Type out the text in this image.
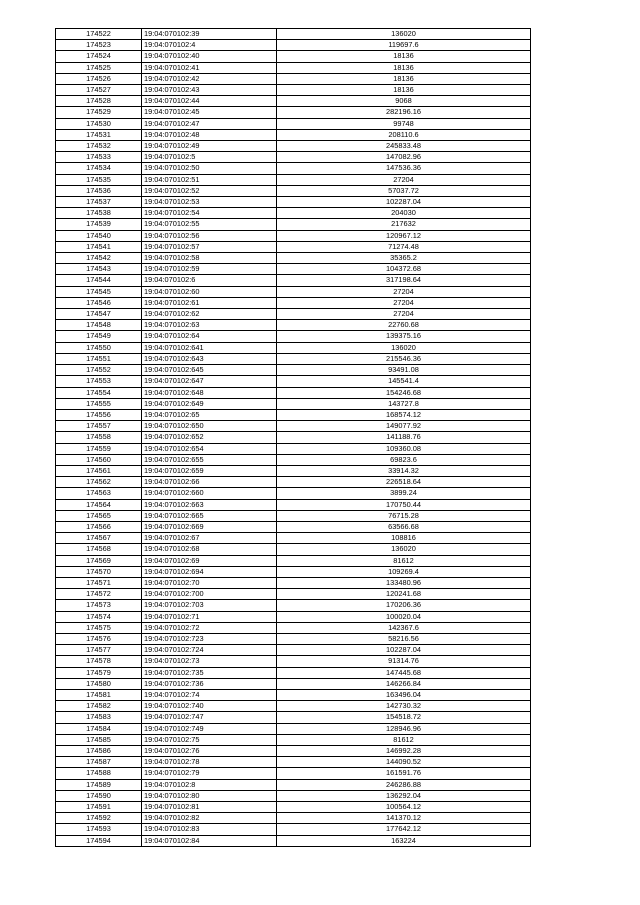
174522	19:04:070102:39	136020
174523	19:04:070102:4	119697.6
174524	19:04:070102:40	18136
174525	19:04:070102:41	18136
174526	19:04:070102:42	18136
174527	19:04:070102:43	18136
174528	19:04:070102:44	9068
174529	19:04:070102:45	282196.16
174530	19:04:070102:47	99748
174531	19:04:070102:48	208110.6
174532	19:04:070102:49	245833.48
174533	19:04:070102:5	147082.96
174534	19:04:070102:50	147536.36
174535	19:04:070102:51	27204
174536	19:04:070102:52	57037.72
174537	19:04:070102:53	102287.04
174538	19:04:070102:54	204030
174539	19:04:070102:55	217632
174540	19:04:070102:56	120967.12
174541	19:04:070102:57	71274.48
174542	19:04:070102:58	35365.2
174543	19:04:070102:59	104372.68
174544	19:04:070102:6	317198.64
174545	19:04:070102:60	27204
174546	19:04:070102:61	27204
174547	19:04:070102:62	27204
174548	19:04:070102:63	22760.68
174549	19:04:070102:64	139375.16
174550	19:04:070102:641	136020
174551	19:04:070102:643	215546.36
174552	19:04:070102:645	93491.08
174553	19:04:070102:647	145541.4
174554	19:04:070102:648	154246.68
174555	19:04:070102:649	143727.8
174556	19:04:070102:65	168574.12
174557	19:04:070102:650	149077.92
174558	19:04:070102:652	141188.76
174559	19:04:070102:654	109360.08
174560	19:04:070102:655	69823.6
174561	19:04:070102:659	33914.32
174562	19:04:070102:66	226518.64
174563	19:04:070102:660	3899.24
174564	19:04:070102:663	170750.44
174565	19:04:070102:665	76715.28
174566	19:04:070102:669	63566.68
174567	19:04:070102:67	108816
174568	19:04:070102:68	136020
174569	19:04:070102:69	81612
174570	19:04:070102:694	109269.4
174571	19:04:070102:70	133480.96
174572	19:04:070102:700	120241.68
174573	19:04:070102:703	170206.36
174574	19:04:070102:71	100020.04
174575	19:04:070102:72	142367.6
174576	19:04:070102:723	58216.56
174577	19:04:070102:724	102287.04
174578	19:04:070102:73	91314.76
174579	19:04:070102:735	147445.68
174580	19:04:070102:736	146266.84
174581	19:04:070102:74	163496.04
174582	19:04:070102:740	142730.32
174583	19:04:070102:747	154518.72
174584	19:04:070102:749	128946.96
174585	19:04:070102:75	81612
174586	19:04:070102:76	146992.28
174587	19:04:070102:78	144090.52
174588	19:04:070102:79	161591.76
174589	19:04:070102:8	246286.88
174590	19:04:070102:80	136292.04
174591	19:04:070102:81	100564.12
174592	19:04:070102:82	141370.12
174593	19:04:070102:83	177642.12
174594	19:04:070102:84	163224
